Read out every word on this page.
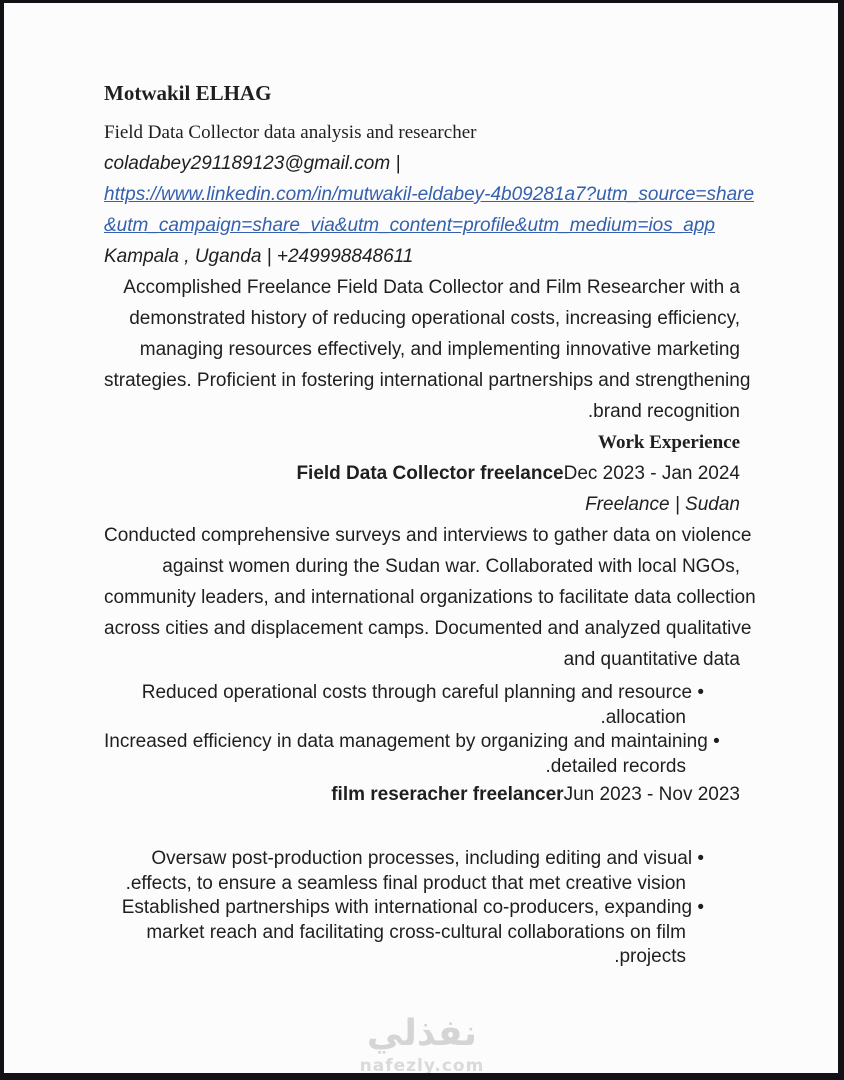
Motwakil ELHAG
Field Data Collector data analysis and researcher
coladabey291189123@gmail.com |
https://www.linkedin.com/in/mutwakil-eldabey-4b09281a7?utm_source=share
&utm_campaign=share_via&utm_content=profile&utm_medium=ios_app
Kampala , Uganda | +249998848611
Accomplished Freelance Field Data Collector and Film Researcher with a
demonstrated history of reducing operational costs, increasing efficiency,
managing resources effectively, and implementing innovative marketing
strategies. Proficient in fostering international partnerships and strengthening
.brand recognition
Work Experience
Field Data Collector freelanceDec 2023 - Jan 2024
Freelance | Sudan
Conducted comprehensive surveys and interviews to gather data on violence
against women during the Sudan war. Collaborated with local NGOs,
community leaders, and international organizations to facilitate data collection
across cities and displacement camps. Documented and analyzed qualitative
and quantitative data
Reduced operational costs through careful planning and resource •
.allocation
Increased efficiency in data management by organizing and maintaining •
.detailed records
film reseracher freelancerJun 2023 - Nov 2023
Oversaw post-production processes, including editing and visual •
.effects, to ensure a seamless final product that met creative vision
Established partnerships with international co-producers, expanding •
market reach and facilitating cross-cultural collaborations on film
.projects
نفذلي
nafezly.com
